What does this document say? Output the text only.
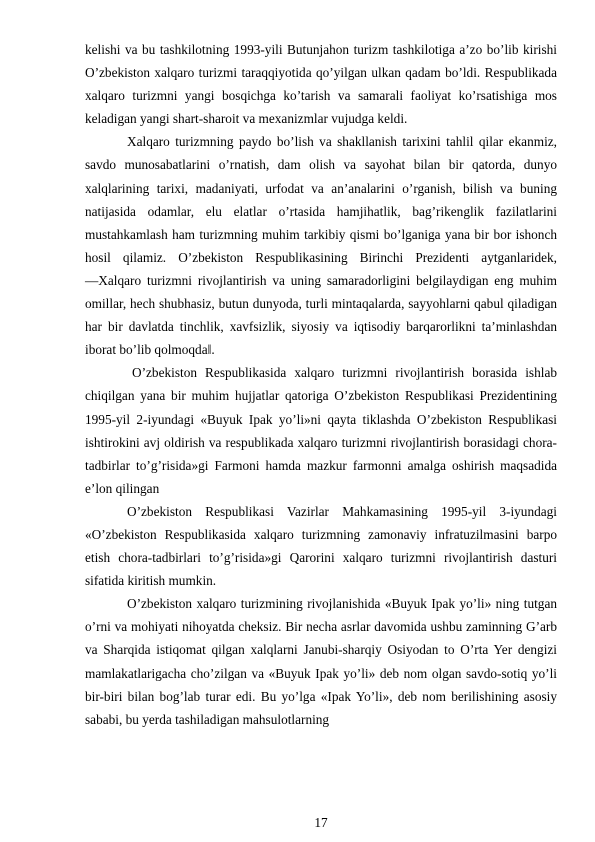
kelishi va bu tashkilotning 1993-yili Butunjahon turizm tashkilotiga a’zo bo’lib kirishi O’zbekiston xalqaro turizmi taraqqiyotida qo’yilgan ulkan qadam bo’ldi. Respublikada xalqaro turizmni yangi bosqichga ko’tarish va samarali faoliyat ko’rsatishiga mos keladigan yangi shart-sharoit va mexanizmlar vujudga keldi.

Xalqaro turizmning paydo bo’lish va shakllanish tarixini tahlil qilar ekanmiz, savdo munosabatlarini o’rnatish, dam olish va sayohat bilan bir qatorda, dunyo xalqlarining tarixi, madaniyati, urfodat va an’analarini o’rganish, bilish va buning natijasida odamlar, elu elatlar o’rtasida hamjihatlik, bag’rikenglik fazilatlarini mustahkamlash ham turizmning muhim tarkibiy qismi bo’lganiga yana bir bor ishonch hosil qilamiz. O’zbekiston Respublikasining Birinchi Prezidenti aytganlaridek, ―Xalqaro turizmni rivojlantirish va uning samaradorligini belgilaydigan eng muhim omillar, hech shubhasiz, butun dunyoda, turli mintaqalarda, sayyohlarni qabul qiladigan har bir davlatda tinchlik, xavfsizlik, siyosiy va iqtisodiy barqarorlikni ta’minlashdan iborat bo’lib qolmoqda‖.

O’zbekiston Respublikasida xalqaro turizmni rivojlantirish borasida ishlab chiqilgan yana bir muhim hujjatlar qatoriga O’zbekiston Respublikasi Prezidentining 1995-yil 2-iyundagi «Buyuk Ipak yo’li»ni qayta tiklashda O’zbekiston Respublikasi ishtirokini avj oldirish va respublikada xalqaro turizmni rivojlantirish borasidagi chora-tadbirlar to’g’risida»gi Farmoni hamda mazkur farmonni amalga oshirish maqsadida e’lon qilingan

O’zbekiston Respublikasi Vazirlar Mahkamasining 1995-yil 3-iyundagi «O’zbekiston Respublikasida xalqaro turizmning zamonaviy infratuzilmasini barpo etish chora-tadbirlari to’g’risida»gi Qarorini xalqaro turizmni rivojlantirish dasturi sifatida kiritish mumkin.

O’zbekiston xalqaro turizmining rivojlanishida «Buyuk Ipak yo’li» ning tutgan o’rni va mohiyati nihoyatda cheksiz. Bir necha asrlar davomida ushbu zaminning G’arb va Sharqida istiqomat qilgan xalqlarni Janubi-sharqiy Osiyodan to O’rta Yer dengizi mamlakatlarigacha cho’zilgan va «Buyuk Ipak yo’li» deb nom olgan savdo-sotiq yo’li bir-biri bilan bog’lab turar edi. Bu yo’lga «Ipak Yo’li», deb nom berilishining asosiy sababi, bu yerda tashiladigan mahsulotlarning

17
